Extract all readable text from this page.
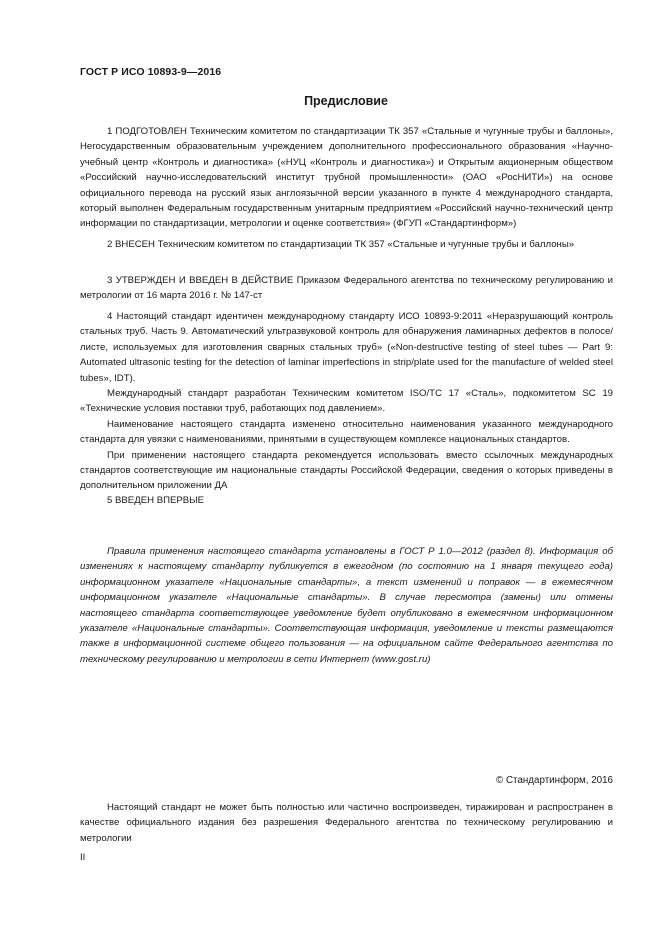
ГОСТ Р ИСО 10893-9—2016
Предисловие

1 ПОДГОТОВЛЕН Техническим комитетом по стандартизации ТК 357 «Стальные и чугунные трубы и баллоны», Негосударственным образовательным учреждением дополнительного профессионального образования «Научно-учебный центр «Контроль и диагностика» («НУЦ «Контроль и диагностика») и Открытым акционерным обществом «Российский научно-исследовательский институт трубной промышленности» (ОАО «РосНИТИ») на основе официального перевода на русский язык англоязычной версии указанного в пункте 4 международного стандарта, который выполнен Федеральным государственным унитарным предприятием «Российский научно-технический центр информации по стандартизации, метрологии и оценке соответствия» (ФГУП «Стандартинформ»)

2 ВНЕСЕН Техническим комитетом по стандартизации ТК 357 «Стальные и чугунные трубы и баллоны»

3 УТВЕРЖДЕН И ВВЕДЕН В ДЕЙСТВИЕ Приказом Федерального агентства по техническому регулированию и метрологии от 16 марта 2016 г. № 147-ст

4 Настоящий стандарт идентичен международному стандарту ИСО 10893-9:2011 «Неразрушающий контроль стальных труб. Часть 9. Автоматический ультразвуковой контроль для обнаружения ламинарных дефектов в полосе/листе, используемых для изготовления сварных стальных труб» («Non-destructive testing of steel tubes — Part 9: Automated ultrasonic testing for the detection of laminar imperfections in strip/plate used for the manufacture of welded steel tubes», IDT).

Международный стандарт разработан Техническим комитетом ISO/TC 17 «Сталь», подкомитетом SC 19 «Технические условия поставки труб, работающих под давлением».

Наименование настоящего стандарта изменено относительно наименования указанного международного стандарта для увязки с наименованиями, принятыми в существующем комплексе национальных стандартов.

При применении настоящего стандарта рекомендуется использовать вместо ссылочных международных стандартов соответствующие им национальные стандарты Российской Федерации, сведения о которых приведены в дополнительном приложении ДА

5 ВВЕДЕН ВПЕРВЫЕ

Правила применения настоящего стандарта установлены в ГОСТ Р 1.0—2012 (раздел 8). Информация об изменениях к настоящему стандарту публикуется в ежегодном (по состоянию на 1 января текущего года) информационном указателе «Национальные стандарты», а текст изменений и поправок — в ежемесячном информационном указателе «Национальные стандарты». В случае пересмотра (замены) или отмены настоящего стандарта соответствующее уведомление будет опубликовано в ежемесячном информационном указателе «Национальные стандарты». Соответствующая информация, уведомление и тексты размещаются также в информационной системе общего пользования — на официальном сайте Федерального агентства по техническому регулированию и метрологии в сети Интернет (www.gost.ru)

© Стандартинформ, 2016

Настоящий стандарт не может быть полностью или частично воспроизведен, тиражирован и распространен в качестве официального издания без разрешения Федерального агентства по техническому регулированию и метрологии

II
